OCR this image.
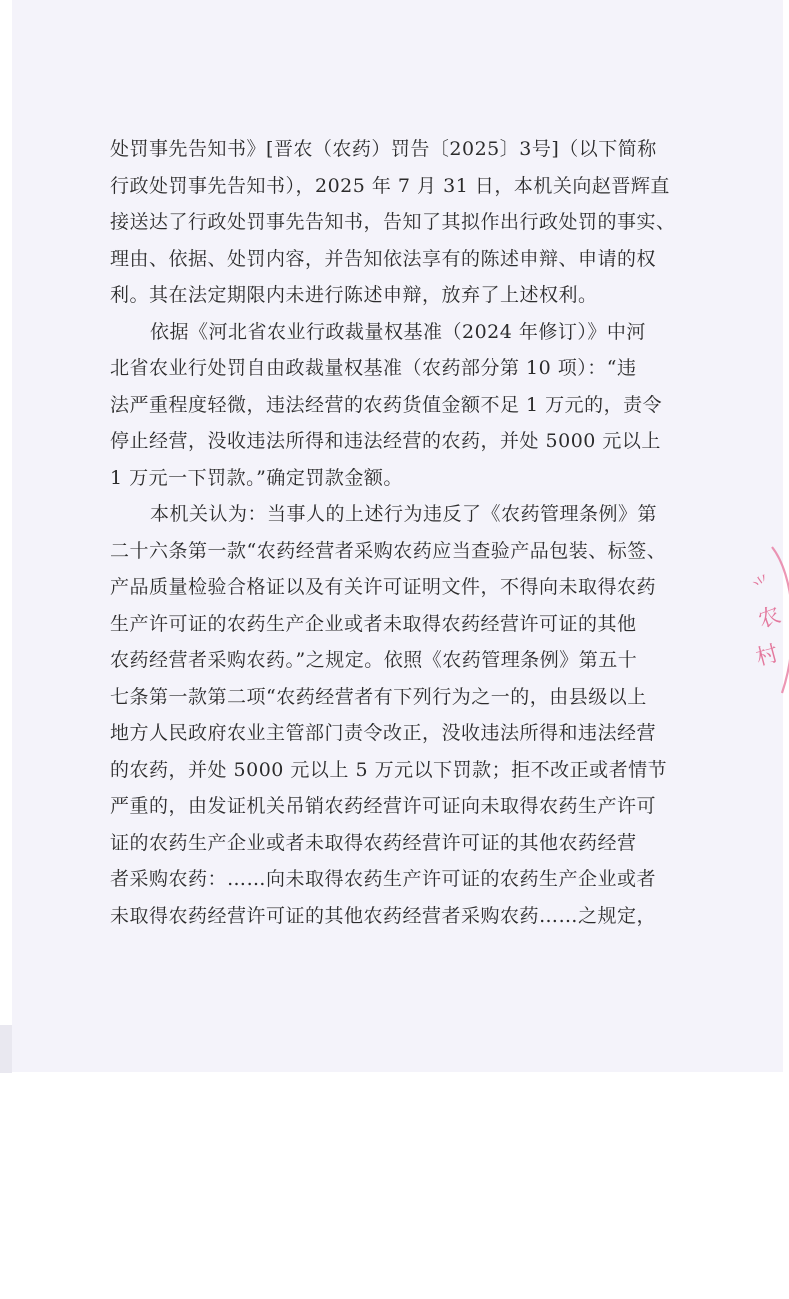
处罚事先告知书》[晋农（农药）罚告〔2025〕3号]（以下简称
行政处罚事先告知书），2025 年 7 月 31 日，本机关向赵晋辉直
接送达了行政处罚事先告知书，告知了其拟作出行政处罚的事实、
理由、依据、处罚内容，并告知依法享有的陈述申辩、申请的权
利。其在法定期限内未进行陈述申辩，放弃了上述权利。
依据《河北省农业行政裁量权基准（2024 年修订）》中河
北省农业行处罚自由政裁量权基准（农药部分第 10 项）：“违
法严重程度轻微，违法经营的农药货值金额不足 1 万元的，责令
停止经营，没收违法所得和违法经营的农药，并处 5000 元以上
1 万元一下罚款。”确定罚款金额。
本机关认为：当事人的上述行为违反了《农药管理条例》第
二十六条第一款“农药经营者采购农药应当查验产品包装、标签、
产品质量检验合格证以及有关许可证明文件，不得向未取得农药
生产许可证的农药生产企业或者未取得农药经营许可证的其他
农药经营者采购农药。”之规定。依照《农药管理条例》第五十
七条第一款第二项“农药经营者有下列行为之一的，由县级以上
地方人民政府农业主管部门责令改正，没收违法所得和违法经营
的农药，并处 5000 元以上 5 万元以下罚款；拒不改正或者情节
严重的，由发证机关吊销农药经营许可证向未取得农药生产许可
证的农药生产企业或者未取得农药经营许可证的其他农药经营
者采购农药：……向未取得农药生产许可证的农药生产企业或者
未取得农药经营许可证的其他农药经营者采购农药……之规定，
⺌
农
村
